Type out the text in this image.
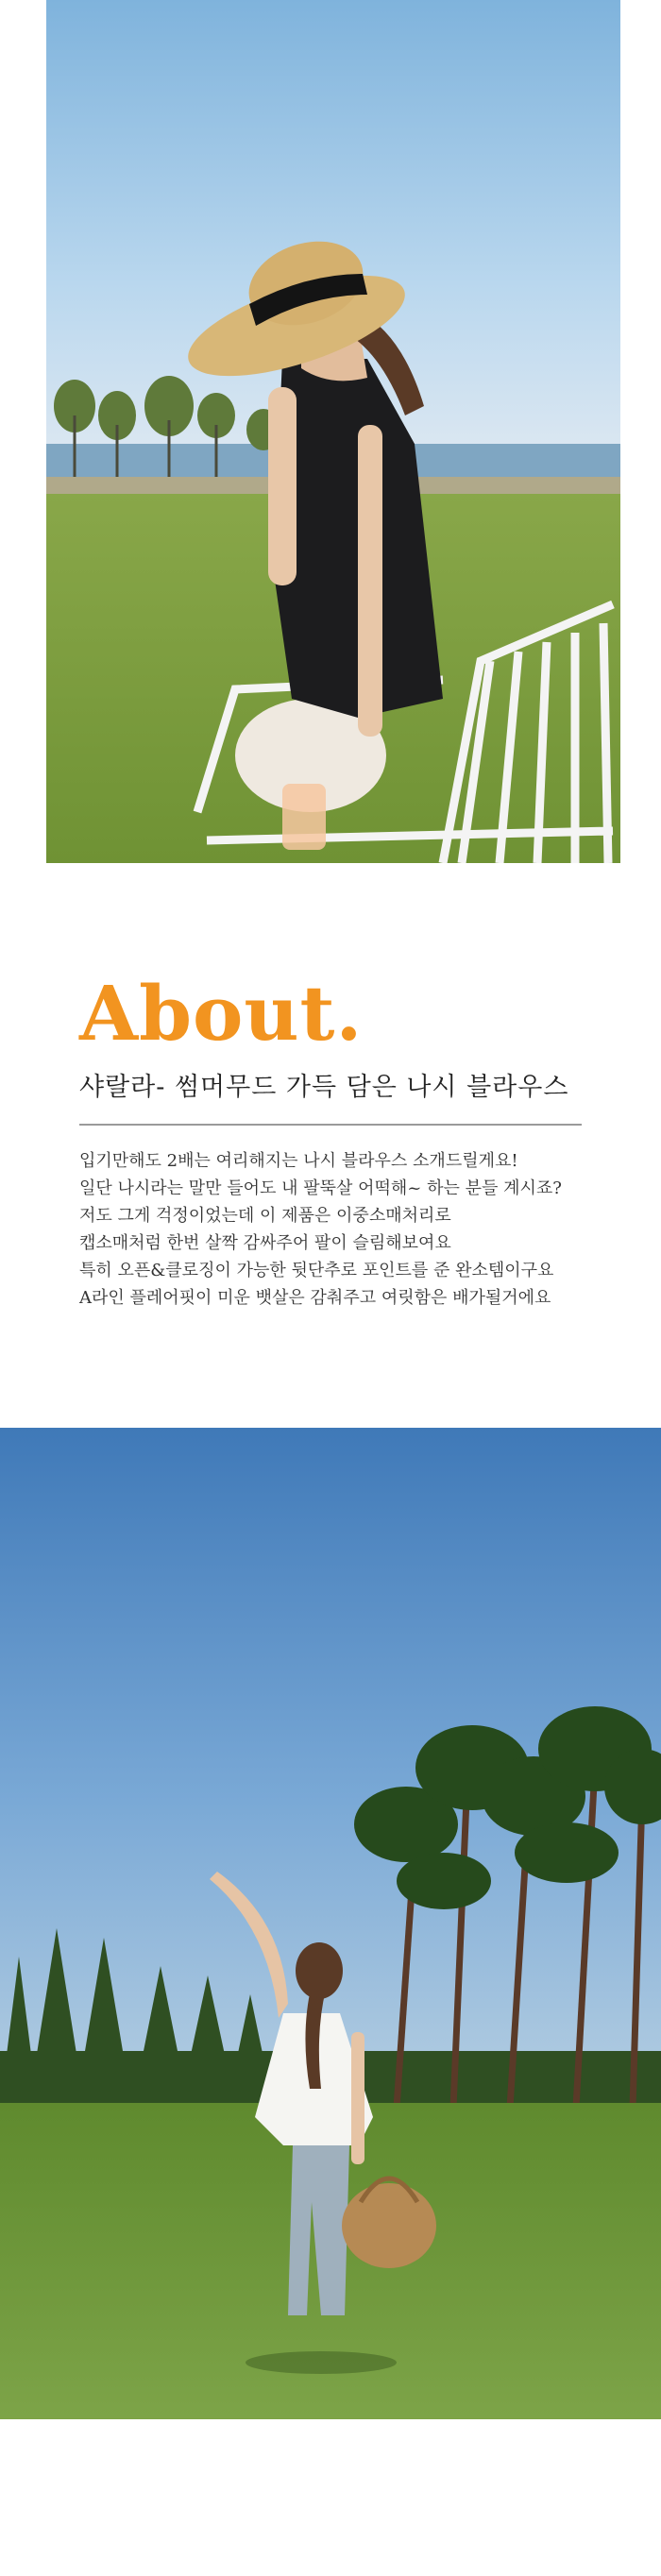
About.
샤랄라- 썸머무드 가득 담은 나시 블라우스

입기만해도 2배는 여리해지는 나시 블라우스 소개드릴게요!

일단 나시라는 말만 들어도 내 팔뚝살 어떡해~ 하는 분들 계시죠?

저도 그게 걱정이었는데 이 제품은 이중소매처리로

캡소매처럼 한번 살짝 감싸주어 팔이 슬림해보여요

특히 오픈&클로징이 가능한 뒷단추로 포인트를 준 완소템이구요

A라인 플레어핏이 미운 뱃살은 감춰주고 여릿함은 배가될거에요
